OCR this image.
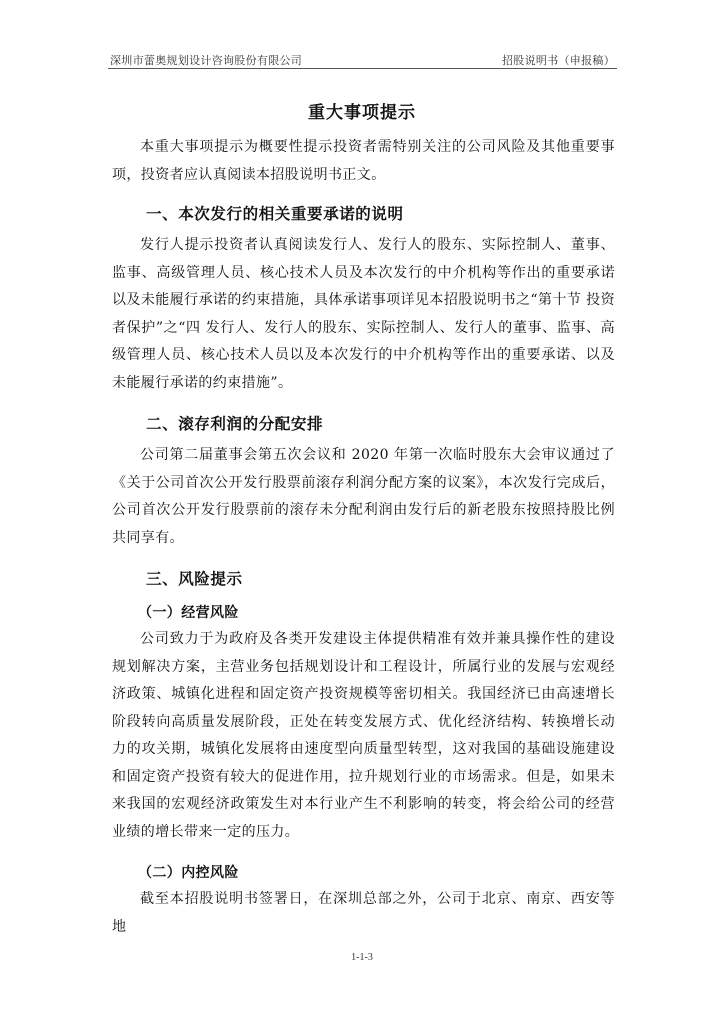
深圳市蕾奥规划设计咨询股份有限公司	招股说明书（申报稿）
重大事项提示
本重大事项提示为概要性提示投资者需特别关注的公司风险及其他重要事项，投资者应认真阅读本招股说明书正文。
一、本次发行的相关重要承诺的说明
发行人提示投资者认真阅读发行人、发行人的股东、实际控制人、董事、监事、高级管理人员、核心技术人员及本次发行的中介机构等作出的重要承诺以及未能履行承诺的约束措施，具体承诺事项详见本招股说明书之“第十节 投资者保护”之“四 发行人、发行人的股东、实际控制人、发行人的董事、监事、高级管理人员、核心技术人员以及本次发行的中介机构等作出的重要承诺、以及未能履行承诺的约束措施”。
二、滚存利润的分配安排
公司第二届董事会第五次会议和 2020 年第一次临时股东大会审议通过了《关于公司首次公开发行股票前滚存利润分配方案的议案》，本次发行完成后，公司首次公开发行股票前的滚存未分配利润由发行后的新老股东按照持股比例共同享有。
三、风险提示
（一）经营风险
公司致力于为政府及各类开发建设主体提供精准有效并兼具操作性的建设规划解决方案，主营业务包括规划设计和工程设计，所属行业的发展与宏观经济政策、城镇化进程和固定资产投资规模等密切相关。我国经济已由高速增长阶段转向高质量发展阶段，正处在转变发展方式、优化经济结构、转换增长动力的攻关期，城镇化发展将由速度型向质量型转型，这对我国的基础设施建设和固定资产投资有较大的促进作用，拉升规划行业的市场需求。但是，如果未来我国的宏观经济政策发生对本行业产生不利影响的转变，将会给公司的经营业绩的增长带来一定的压力。
（二）内控风险
截至本招股说明书签署日，在深圳总部之外，公司于北京、南京、西安等地
1-1-3
